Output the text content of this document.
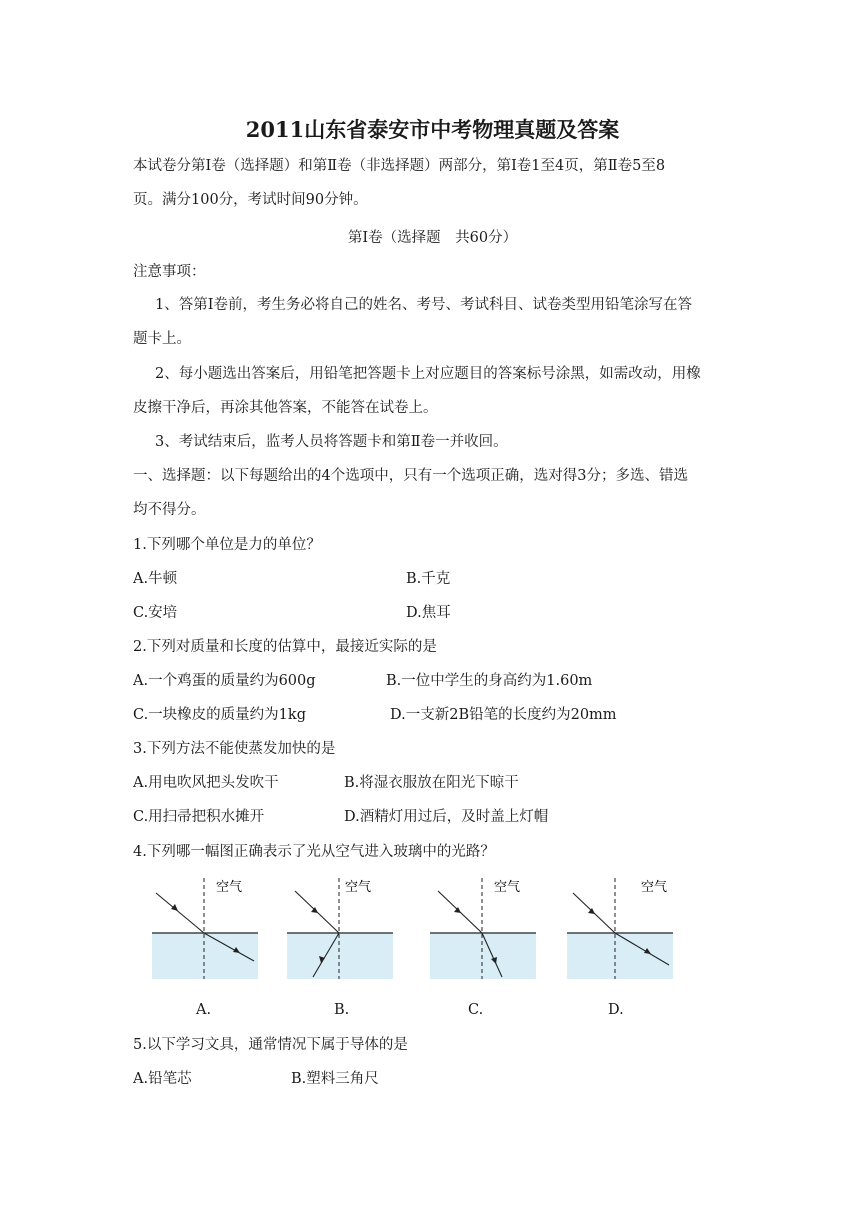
2011山东省泰安市中考物理真题及答案
本试卷分第Ⅰ卷（选择题）和第Ⅱ卷（非选择题）两部分，第Ⅰ卷1至4页，第Ⅱ卷5至8
页。满分100分，考试时间90分钟。
第Ⅰ卷（选择题　共60分）
注意事项：
1、答第Ⅰ卷前，考生务必将自己的姓名、考号、考试科目、试卷类型用铅笔涂写在答
题卡上。
2、每小题选出答案后，用铅笔把答题卡上对应题目的答案标号涂黑，如需改动，用橡
皮擦干净后，再涂其他答案，不能答在试卷上。
3、考试结束后，监考人员将答题卡和第Ⅱ卷一并收回。
一、选择题：以下每题给出的4个选项中，只有一个选项正确，选对得3分；多选、错选
均不得分。
1.下列哪个单位是力的单位？
A.牛顿	B.千克
C.安培	D.焦耳
2.下列对质量和长度的估算中，最接近实际的是
A.一个鸡蛋的质量约为600g	B.一位中学生的身高约为1.60m
C.一块橡皮的质量约为1kg	D.一支新2B铅笔的长度约为20mm
3.下列方法不能使蒸发加快的是
A.用电吹风把头发吹干	B.将湿衣服放在阳光下晾干
C.用扫帚把积水摊开	D.酒精灯用过后，及时盖上灯帽
4.下列哪一幅图正确表示了光从空气进入玻璃中的光路？
空气	空气	空气	空气
A.	B.	C.	D.
5.以下学习文具，通常情况下属于导体的是
A.铅笔芯	B.塑料三角尺
